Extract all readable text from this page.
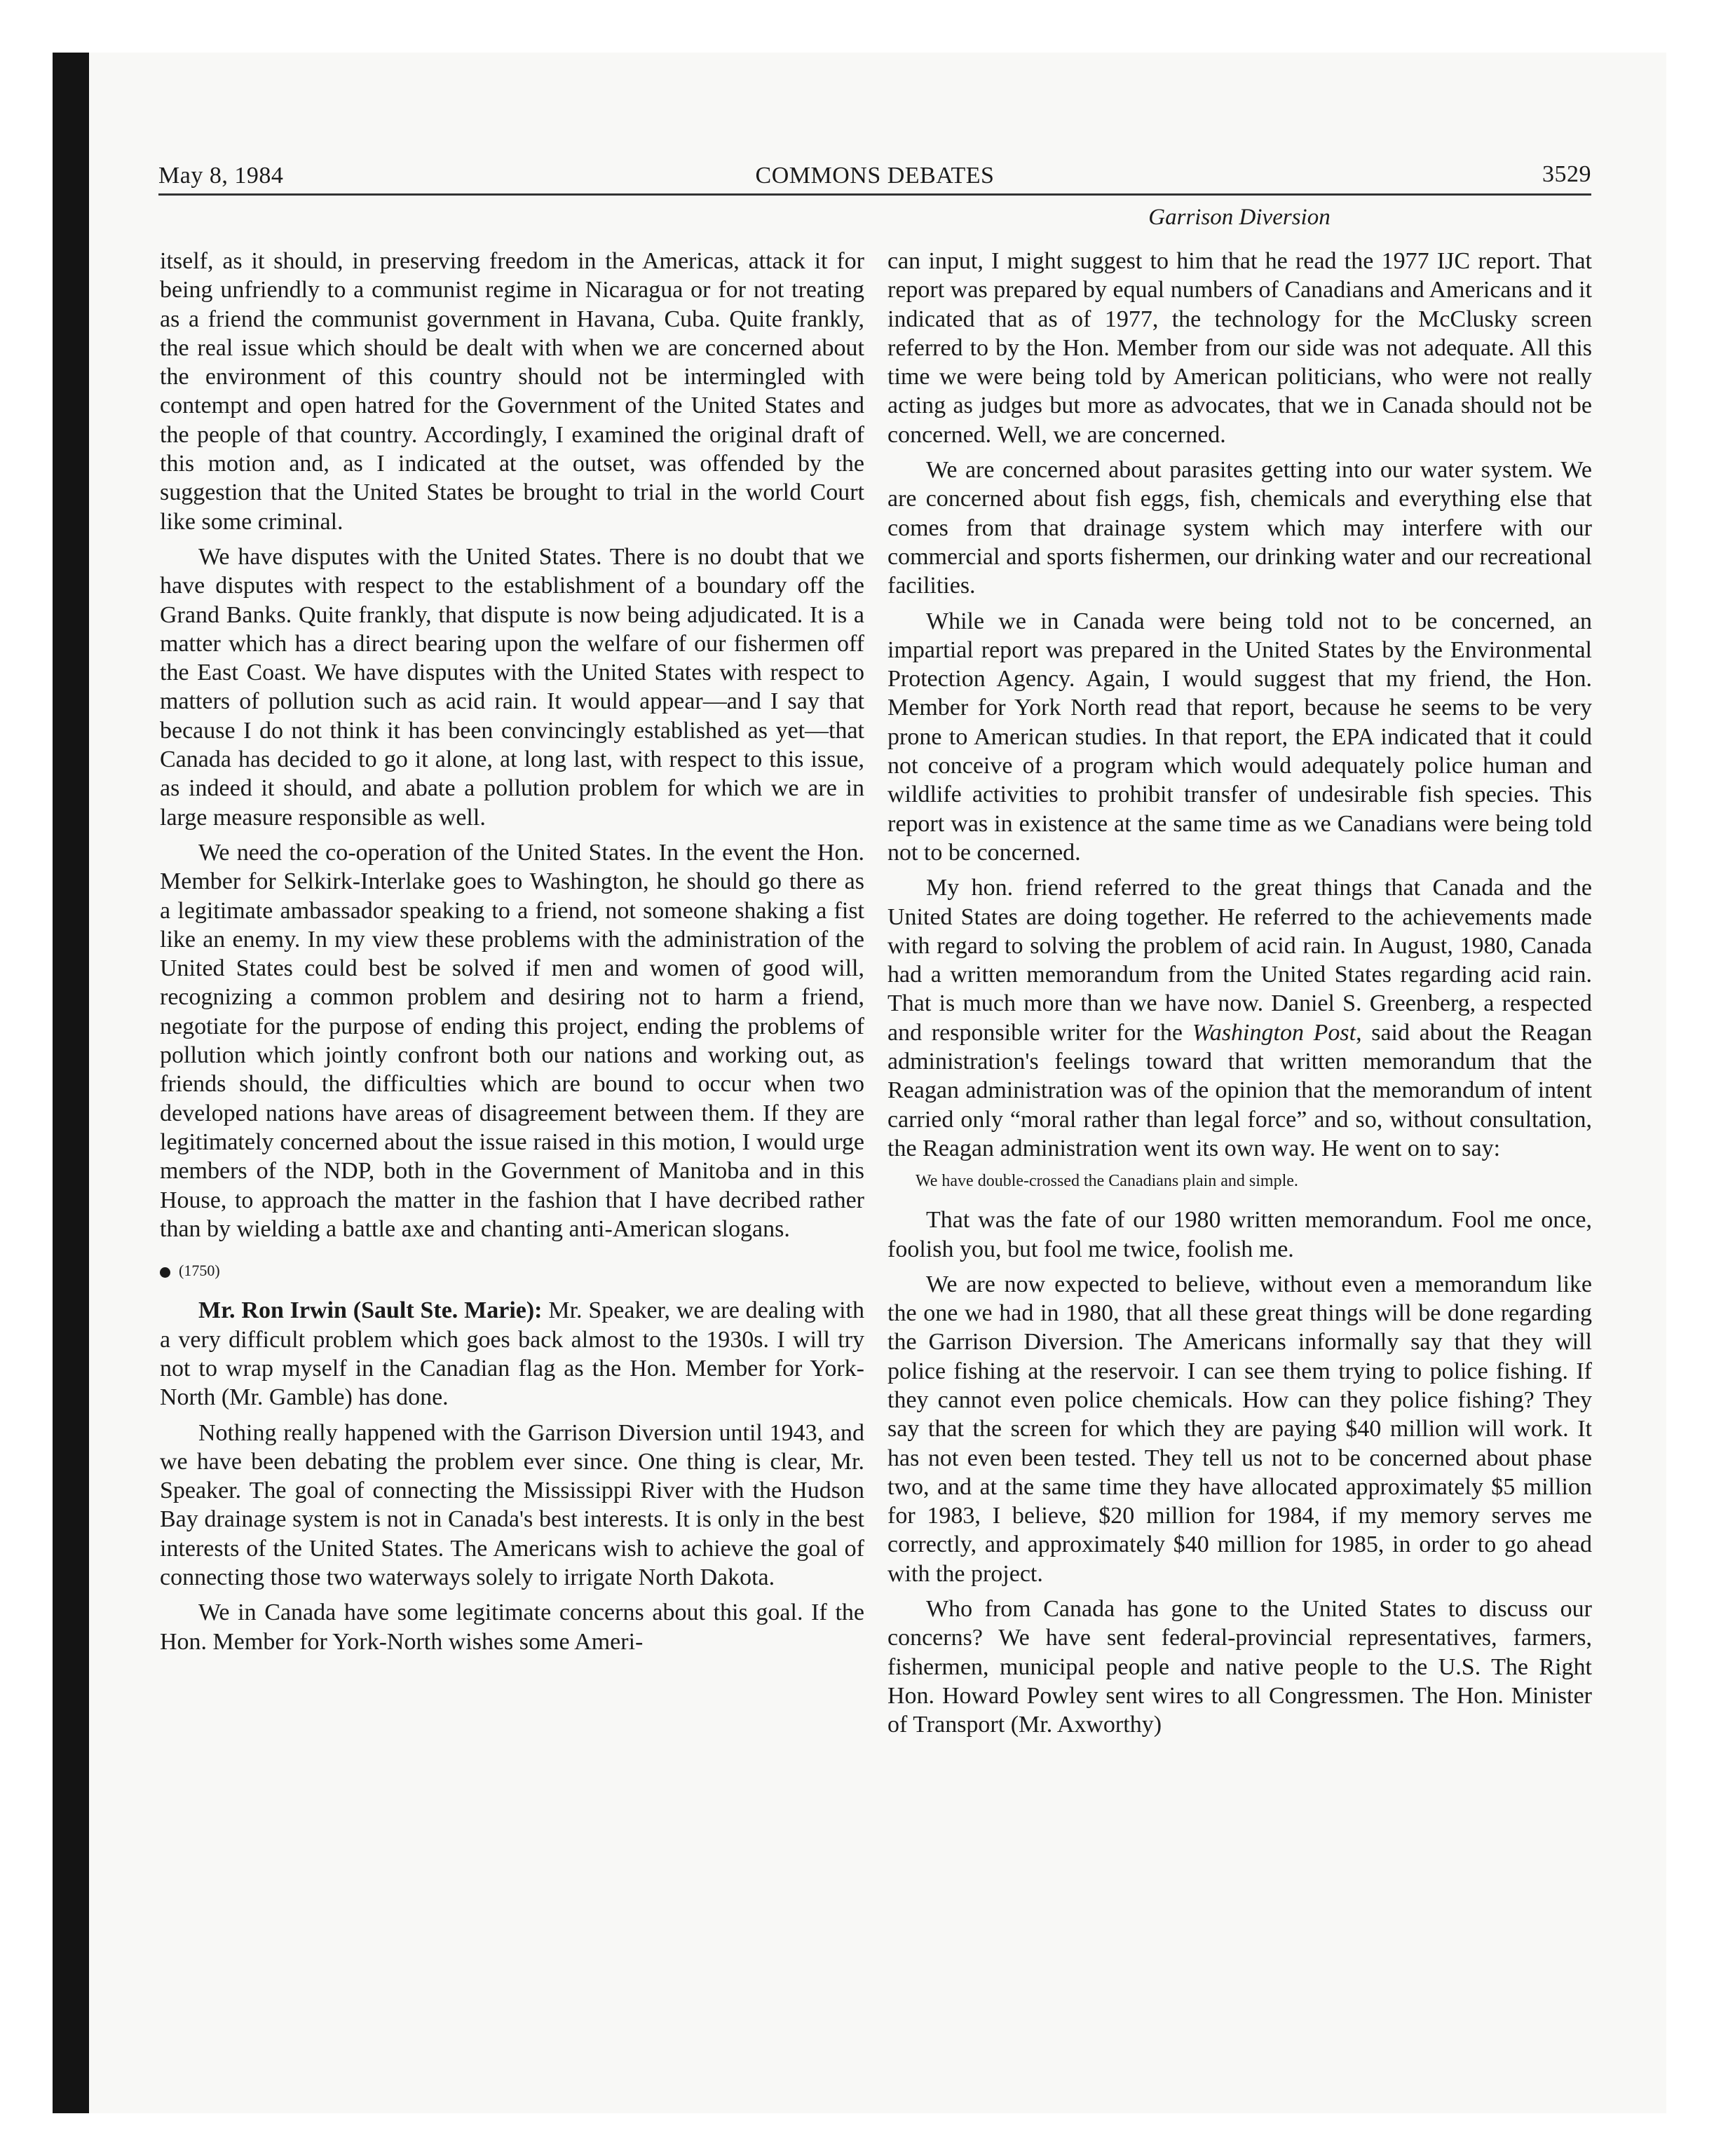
May 8, 1984	COMMONS DEBATES	3529
Garrison Diversion

itself, as it should, in preserving freedom in the Americas, attack it for being unfriendly to a communist regime in Nicaragua or for not treating as a friend the communist government in Havana, Cuba. Quite frankly, the real issue which should be dealt with when we are concerned about the environment of this country should not be intermingled with contempt and open hatred for the Government of the United States and the people of that country. Accordingly, I examined the original draft of this motion and, as I indicated at the outset, was offended by the suggestion that the United States be brought to trial in the world Court like some criminal.

We have disputes with the United States. There is no doubt that we have disputes with respect to the establishment of a boundary off the Grand Banks. Quite frankly, that dispute is now being adjudicated. It is a matter which has a direct bearing upon the welfare of our fishermen off the East Coast. We have disputes with the United States with respect to matters of pollution such as acid rain. It would appear—and I say that because I do not think it has been convincingly established as yet—that Canada has decided to go it alone, at long last, with respect to this issue, as indeed it should, and abate a pollution problem for which we are in large measure responsible as well.

We need the co-operation of the United States. In the event the Hon. Member for Selkirk-Interlake goes to Washington, he should go there as a legitimate ambassador speaking to a friend, not someone shaking a fist like an enemy. In my view these problems with the administration of the United States could best be solved if men and women of good will, recognizing a common problem and desiring not to harm a friend, negotiate for the purpose of ending this project, ending the problems of pollution which jointly confront both our nations and working out, as friends should, the difficulties which are bound to occur when two developed nations have areas of disagreement between them. If they are legitimately concerned about the issue raised in this motion, I would urge members of the NDP, both in the Government of Manitoba and in this House, to approach the matter in the fashion that I have decribed rather than by wielding a battle axe and chanting anti-American slogans.

(1750)

Mr. Ron Irwin (Sault Ste. Marie): Mr. Speaker, we are dealing with a very difficult problem which goes back almost to the 1930s. I will try not to wrap myself in the Canadian flag as the Hon. Member for York-North (Mr. Gamble) has done.

Nothing really happened with the Garrison Diversion until 1943, and we have been debating the problem ever since. One thing is clear, Mr. Speaker. The goal of connecting the Mississippi River with the Hudson Bay drainage system is not in Canada's best interests. It is only in the best interests of the United States. The Americans wish to achieve the goal of connecting those two waterways solely to irrigate North Dakota.

We in Canada have some legitimate concerns about this goal. If the Hon. Member for York-North wishes some Ameri-

can input, I might suggest to him that he read the 1977 IJC report. That report was prepared by equal numbers of Canadians and Americans and it indicated that as of 1977, the technology for the McClusky screen referred to by the Hon. Member from our side was not adequate. All this time we were being told by American politicians, who were not really acting as judges but more as advocates, that we in Canada should not be concerned. Well, we are concerned.

We are concerned about parasites getting into our water system. We are concerned about fish eggs, fish, chemicals and everything else that comes from that drainage system which may interfere with our commercial and sports fishermen, our drinking water and our recreational facilities.

While we in Canada were being told not to be concerned, an impartial report was prepared in the United States by the Environmental Protection Agency. Again, I would suggest that my friend, the Hon. Member for York North read that report, because he seems to be very prone to American studies. In that report, the EPA indicated that it could not conceive of a program which would adequately police human and wildlife activities to prohibit transfer of undesirable fish species. This report was in existence at the same time as we Canadians were being told not to be concerned.

My hon. friend referred to the great things that Canada and the United States are doing together. He referred to the achievements made with regard to solving the problem of acid rain. In August, 1980, Canada had a written memorandum from the United States regarding acid rain. That is much more than we have now. Daniel S. Greenberg, a respected and responsible writer for the Washington Post, said about the Reagan administration's feelings toward that written memorandum that the Reagan administration was of the opinion that the memorandum of intent carried only “moral rather than legal force” and so, without consultation, the Reagan administration went its own way. He went on to say:

We have double-crossed the Canadians plain and simple.

That was the fate of our 1980 written memorandum. Fool me once, foolish you, but fool me twice, foolish me.

We are now expected to believe, without even a memorandum like the one we had in 1980, that all these great things will be done regarding the Garrison Diversion. The Americans informally say that they will police fishing at the reservoir. I can see them trying to police fishing. If they cannot even police chemicals. How can they police fishing? They say that the screen for which they are paying $40 million will work. It has not even been tested. They tell us not to be concerned about phase two, and at the same time they have allocated approximately $5 million for 1983, I believe, $20 million for 1984, if my memory serves me correctly, and approximately $40 million for 1985, in order to go ahead with the project.

Who from Canada has gone to the United States to discuss our concerns? We have sent federal-provincial representatives, farmers, fishermen, municipal people and native people to the U.S. The Right Hon. Howard Powley sent wires to all Congressmen. The Hon. Minister of Transport (Mr. Axworthy)
